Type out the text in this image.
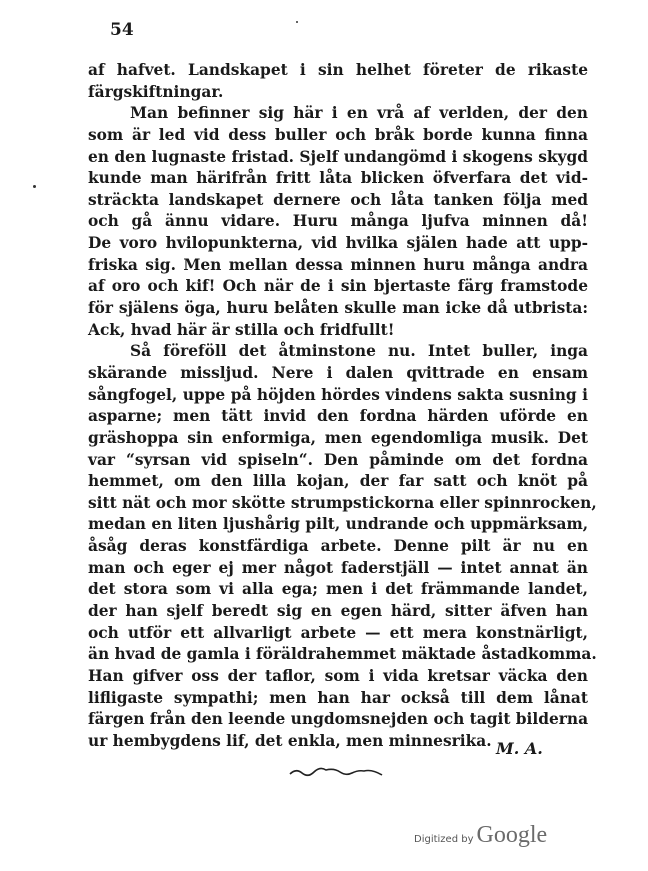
54
af hafvet. Landskapet i sin helhet företer de rikaste
färgskiftningar.
Man befinner sig här i en vrå af verlden, der den
som är led vid dess buller och bråk borde kunna finna
en den lugnaste fristad. Sjelf undangömd i skogens skygd
kunde man härifrån fritt låta blicken öfverfara det vid-
sträckta landskapet dernere och låta tanken följa med
och gå ännu vidare. Huru många ljufva minnen då!
De voro hvilopunkterna, vid hvilka själen hade att upp-
friska sig. Men mellan dessa minnen huru många andra
af oro och kif! Och när de i sin bjertaste färg framstode
för själens öga, huru belåten skulle man icke då utbrista:
Ack, hvad här är stilla och fridfullt!
Så föreföll det åtminstone nu. Intet buller, inga
skärande missljud. Nere i dalen qvittrade en ensam
sångfogel, uppe på höjden hördes vindens sakta susning i
asparne; men tätt invid den fordna härden uförde en
gräshoppa sin enformiga, men egendomliga musik. Det
var “syrsan vid spiseln“. Den påminde om det fordna
hemmet, om den lilla kojan, der far satt och knöt på
sitt nät och mor skötte strumpstickorna eller spinnrocken,
medan en liten ljushårig pilt, undrande och uppmärksam,
åsåg deras konstfärdiga arbete. Denne pilt är nu en
man och eger ej mer något faderstjäll — intet annat än
det stora som vi alla ega; men i det främmande landet,
der han sjelf beredt sig en egen härd, sitter äfven han
och utför ett allvarligt arbete — ett mera konstnärligt,
än hvad de gamla i föräldrahemmet mäktade åstadkomma.
Han gifver oss der taflor, som i vida kretsar väcka den
lifligaste sympathi; men han har också till dem lånat
färgen från den leende ungdomsnejden och tagit bilderna
ur hembygdens lif, det enkla, men minnesrika. M. A.
Digitized by Google
